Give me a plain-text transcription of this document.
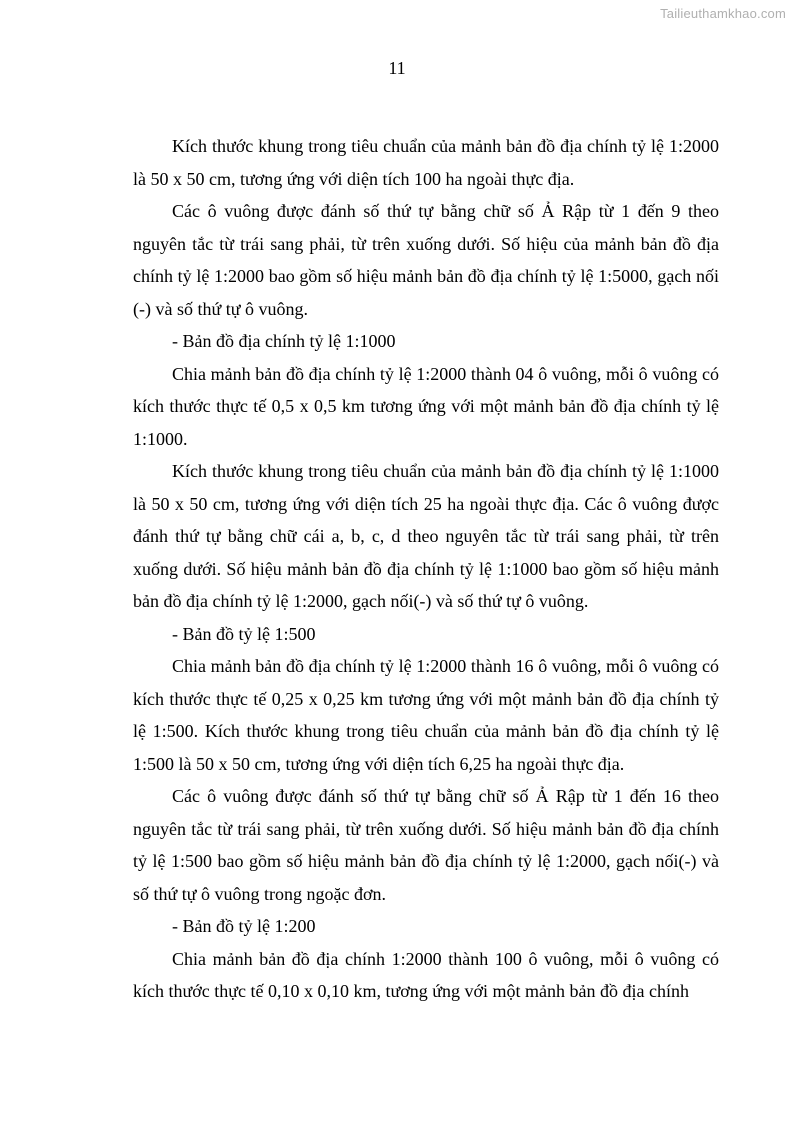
Tailieuthamkhao.com
11

Kích thước khung trong tiêu chuẩn của mảnh bản đồ địa chính tỷ lệ 1:2000 là 50 x 50 cm, tương ứng với diện tích 100 ha ngoài thực địa.

Các ô vuông được đánh số thứ tự bằng chữ số Ả Rập từ 1 đến 9 theo nguyên tắc từ trái sang phải, từ trên xuống dưới. Số hiệu của mảnh bản đồ địa chính tỷ lệ 1:2000 bao gồm số hiệu mảnh bản đồ địa chính tỷ lệ 1:5000, gạch nối (-) và số thứ tự ô vuông.

- Bản đồ địa chính tỷ lệ 1:1000

Chia mảnh bản đồ địa chính tỷ lệ 1:2000 thành 04 ô vuông, mỗi ô vuông có kích thước thực tế 0,5 x 0,5 km tương ứng với một mảnh bản đồ địa chính tỷ lệ 1:1000.

Kích thước khung trong tiêu chuẩn của mảnh bản đồ địa chính tỷ lệ 1:1000 là 50 x 50 cm, tương ứng với diện tích 25 ha ngoài thực địa. Các ô vuông được đánh thứ tự bằng chữ cái a, b, c, d theo nguyên tắc từ trái sang phải, từ trên xuống dưới. Số hiệu mảnh bản đồ địa chính tỷ lệ 1:1000 bao gồm số hiệu mảnh bản đồ địa chính tỷ lệ 1:2000, gạch nối(-) và số thứ tự ô vuông.

- Bản đồ tỷ lệ 1:500

Chia mảnh bản đồ địa chính tỷ lệ 1:2000 thành 16 ô vuông, mỗi ô vuông có kích thước thực tế 0,25 x 0,25 km tương ứng với một mảnh bản đồ địa chính tỷ lệ 1:500. Kích thước khung trong tiêu chuẩn của mảnh bản đồ địa chính tỷ lệ 1:500 là 50 x 50 cm, tương ứng với diện tích 6,25 ha ngoài thực địa.

Các ô vuông được đánh số thứ tự bằng chữ số Ả Rập từ 1 đến 16 theo nguyên tắc từ trái sang phải, từ trên xuống dưới. Số hiệu mảnh bản đồ địa chính tỷ lệ 1:500 bao gồm số hiệu mảnh bản đồ địa chính tỷ lệ 1:2000, gạch nối(-) và số thứ tự ô vuông trong ngoặc đơn.

- Bản đồ tỷ lệ 1:200

Chia mảnh bản đồ địa chính 1:2000 thành 100 ô vuông, mỗi ô vuông có kích thước thực tế 0,10 x 0,10 km, tương ứng với một mảnh bản đồ địa chính
